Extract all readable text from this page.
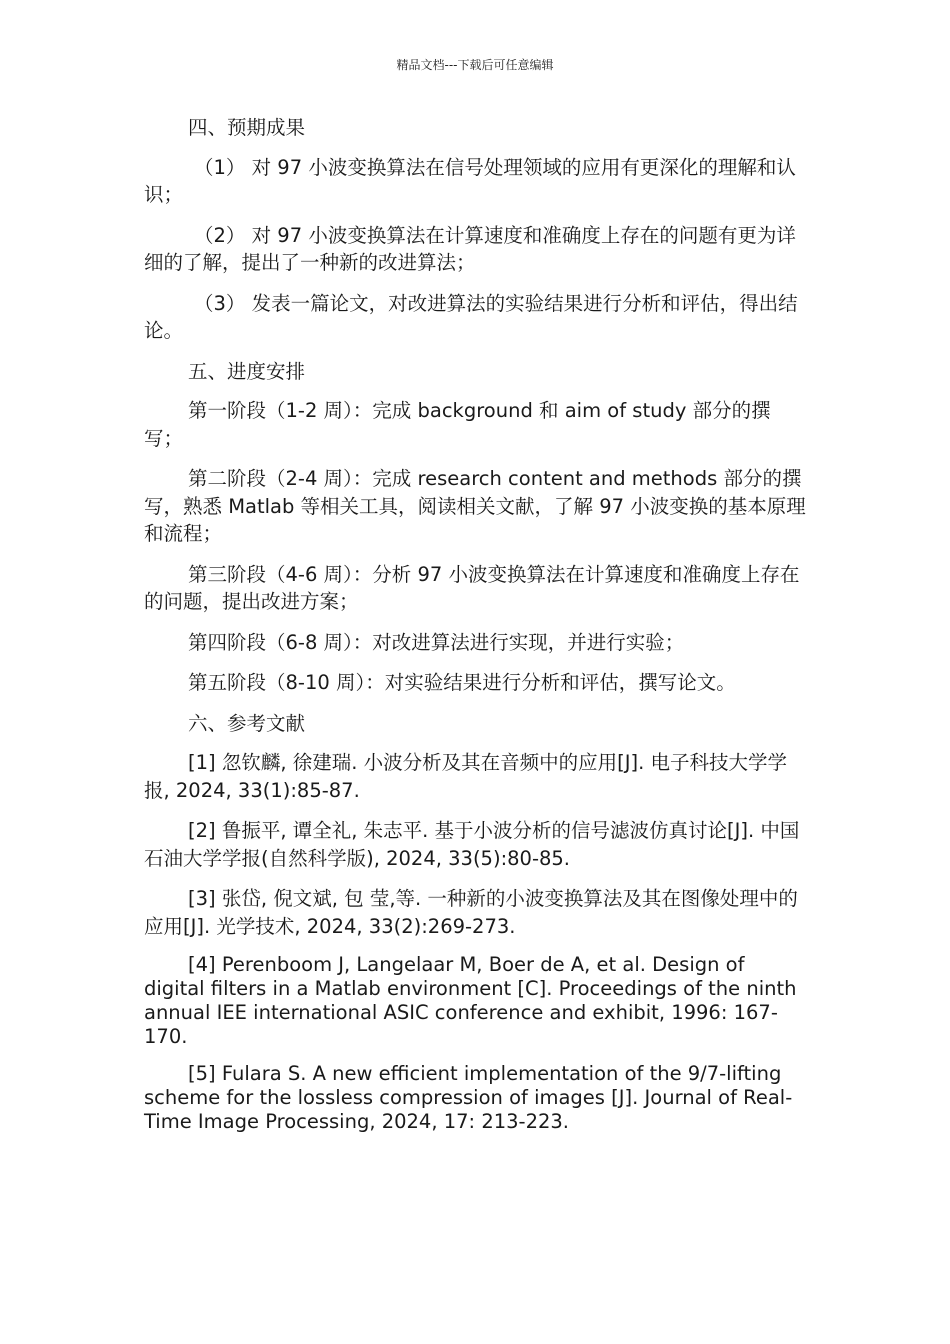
精品文档---下载后可任意编辑

四、预期成果

（1） 对 97 小波变换算法在信号处理领域的应用有更深化的理解和认识；

（2） 对 97 小波变换算法在计算速度和准确度上存在的问题有更为详细的了解，提出了一种新的改进算法；

（3） 发表一篇论文，对改进算法的实验结果进行分析和评估，得出结论。

五、进度安排

第一阶段（1-2 周）：完成 background 和 aim of study 部分的撰写；

第二阶段（2-4 周）：完成 research content and methods 部分的撰写，熟悉 Matlab 等相关工具，阅读相关文献，了解 97 小波变换的基本原理和流程；

第三阶段（4-6 周）：分析 97 小波变换算法在计算速度和准确度上存在的问题，提出改进方案；

第四阶段（6-8 周）：对改进算法进行实现，并进行实验；

第五阶段（8-10 周）：对实验结果进行分析和评估，撰写论文。

六、参考文献

[1] 忽钦麟, 徐建瑞. 小波分析及其在音频中的应用[J]. 电子科技大学学报, 2024, 33(1):85-87.

[2] 鲁振平, 谭全礼, 朱志平. 基于小波分析的信号滤波仿真讨论[J]. 中国石油大学学报(自然科学版), 2024, 33(5):80-85.

[3] 张岱, 倪文斌, 包 莹,等. 一种新的小波变换算法及其在图像处理中的应用[J]. 光学技术, 2024, 33(2):269-273.

[4] Perenboom J, Langelaar M, Boer de A, et al. Design of digital filters in a Matlab environment [C]. Proceedings of the ninth annual IEE international ASIC conference and exhibit, 1996: 167-170.

[5] Fulara S. A new efficient implementation of the 9/7-lifting scheme for the lossless compression of images [J]. Journal of Real-Time Image Processing, 2024, 17: 213-223.
